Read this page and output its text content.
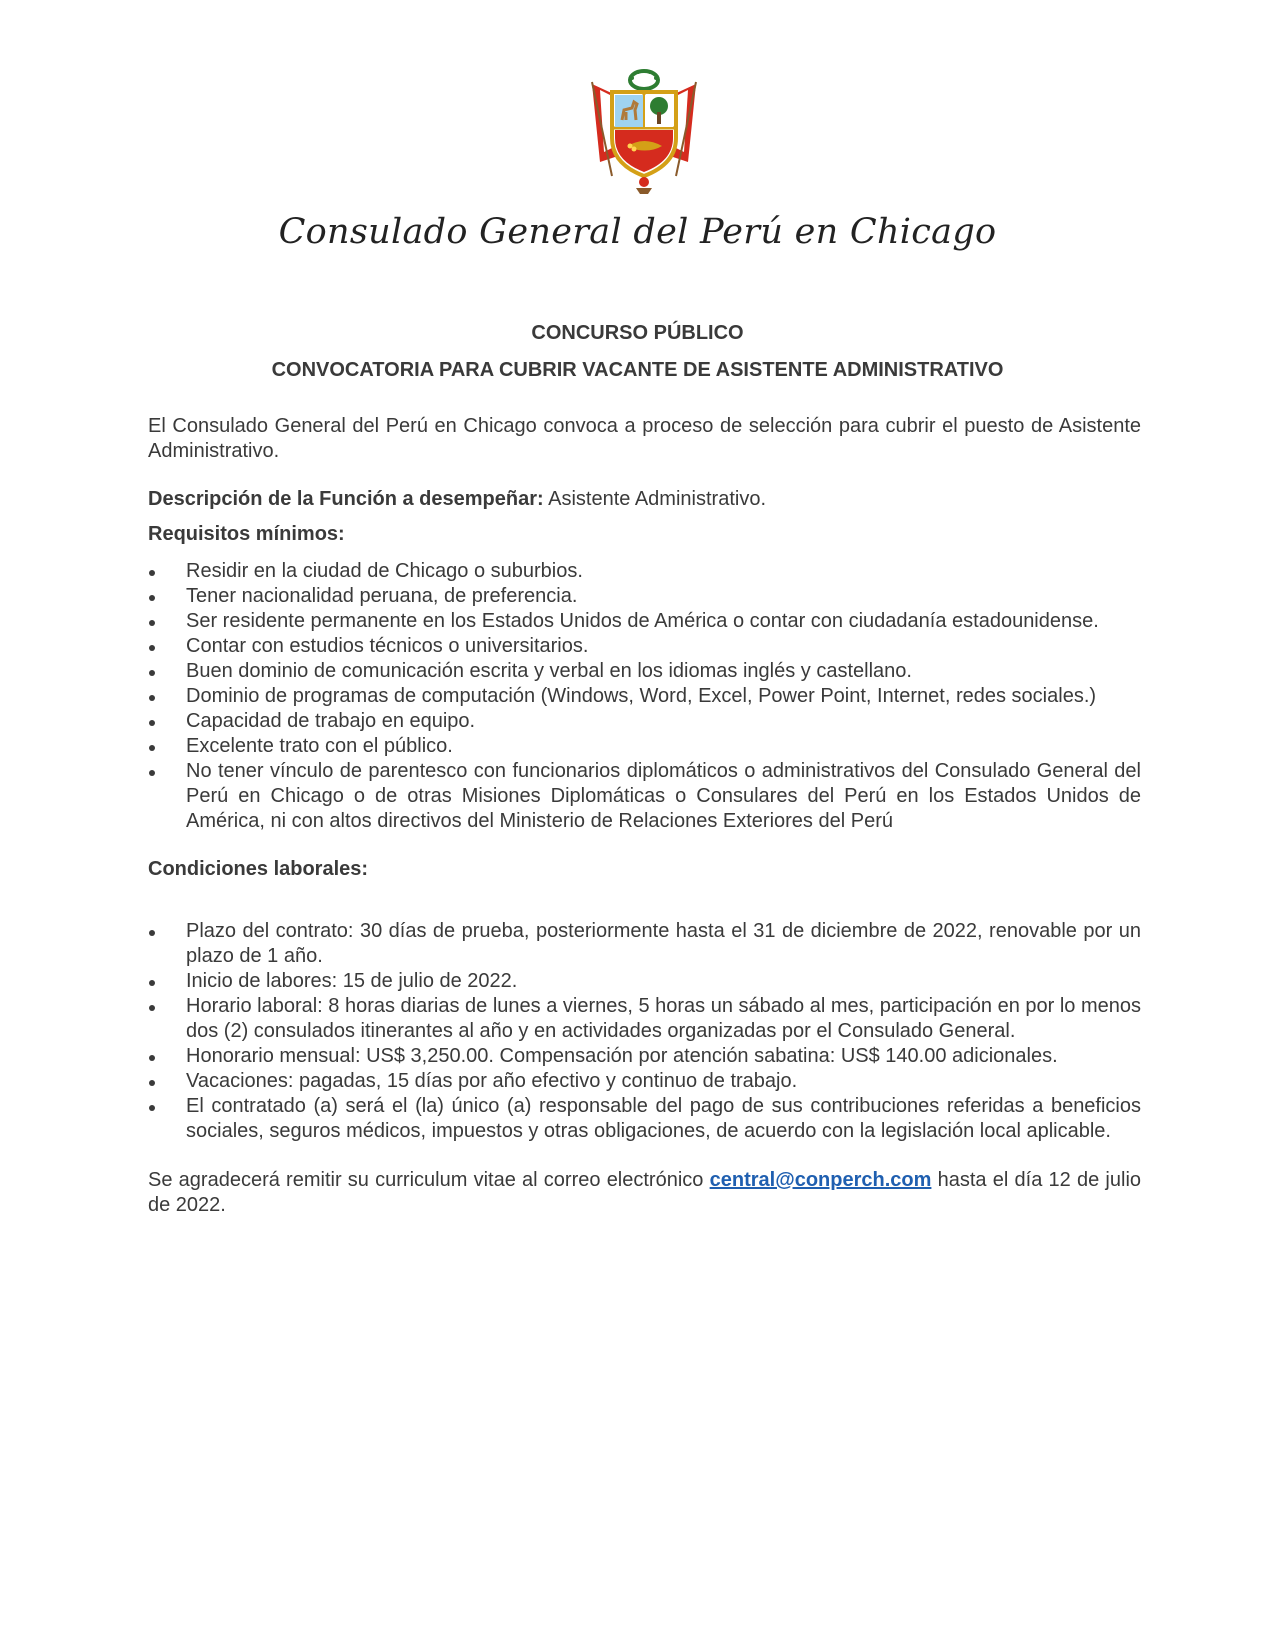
Consulado General del Perú en Chicago
CONCURSO PÚBLICO
CONVOCATORIA PARA CUBRIR VACANTE DE ASISTENTE ADMINISTRATIVO

El Consulado General del Perú en Chicago convoca a proceso de selección para cubrir el puesto de Asistente Administrativo.

Descripción de la Función a desempeñar: Asistente Administrativo.

Requisitos mínimos:

Residir en la ciudad de Chicago o suburbios.
Tener nacionalidad peruana, de preferencia.
Ser residente permanente en los Estados Unidos de América o contar con ciudadanía estadounidense.
Contar con estudios técnicos o universitarios.
Buen dominio de comunicación escrita y verbal en los idiomas inglés y castellano.
Dominio de programas de computación (Windows, Word, Excel, Power Point, Internet, redes sociales.)
Capacidad de trabajo en equipo.
Excelente trato con el público.
No tener vínculo de parentesco con funcionarios diplomáticos o administrativos del Consulado General del Perú en Chicago o de otras Misiones Diplomáticas o Consulares del Perú en los Estados Unidos de América, ni con altos directivos del Ministerio de Relaciones Exteriores del Perú

Condiciones laborales:

Plazo del contrato: 30 días de prueba, posteriormente hasta el 31 de diciembre de 2022, renovable por un plazo de 1 año.
Inicio de labores: 15 de julio de 2022.
Horario laboral: 8 horas diarias de lunes a viernes, 5 horas un sábado al mes, participación en por lo menos dos (2) consulados itinerantes al año y en actividades organizadas por el Consulado General.
Honorario mensual: US$ 3,250.00. Compensación por atención sabatina: US$ 140.00 adicionales.
Vacaciones: pagadas, 15 días por año efectivo y continuo de trabajo.
El contratado (a) será el (la) único (a) responsable del pago de sus contribuciones referidas a beneficios sociales, seguros médicos, impuestos y otras obligaciones, de acuerdo con la legislación local aplicable.

Se agradecerá remitir su curriculum vitae al correo electrónico central@conperch.com hasta el día 12 de julio de 2022.
